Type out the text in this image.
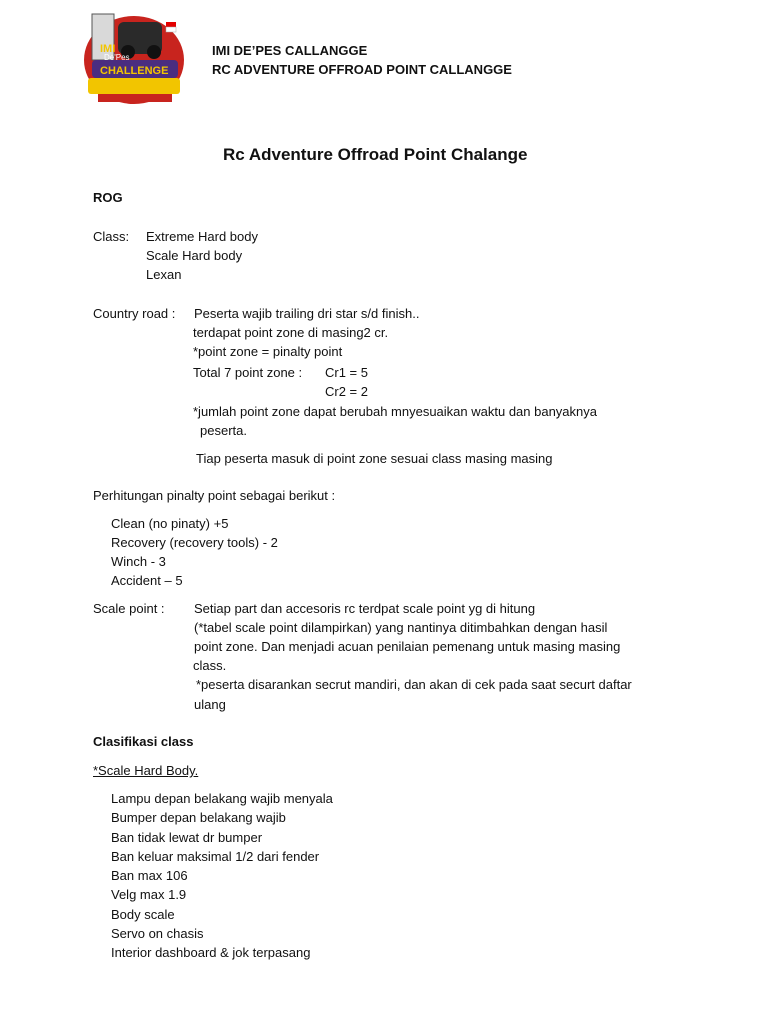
IMI
De'Pes
CHALLENGE
IMI DE’PES CALLANGGE
RC ADVENTURE OFFROAD POINT CALLANGGE
Rc Adventure Offroad Point Chalange
ROG
Class: Extreme Hard body
Scale Hard body
Lexan
Country road : Peserta wajib trailing dri star s/d finish..
terdapat point zone di masing2 cr.
*point zone = pinalty point
Total 7 point zone : Cr1 = 5
Cr2 = 2
*jumlah point zone dapat berubah mnyesuaikan waktu dan banyaknya
peserta.
Tiap peserta masuk di point zone sesuai class masing masing
Perhitungan pinalty point sebagai berikut :
Clean (no pinaty) +5
Recovery (recovery tools) - 2
Winch - 3
Accident – 5
Scale point : Setiap part dan accesoris rc terdpat scale point yg di hitung
(*tabel scale point dilampirkan) yang nantinya ditimbahkan dengan hasil
point zone. Dan menjadi acuan penilaian pemenang untuk masing masing
class.
*peserta disarankan secrut mandiri, dan akan di cek pada saat securt daftar
ulang
Clasifikasi class
*Scale Hard Body.
Lampu depan belakang wajib menyala
Bumper depan belakang wajib
Ban tidak lewat dr bumper
Ban keluar maksimal 1/2 dari fender
Ban max 106
Velg max 1.9
Body scale
Servo on chasis
Interior dashboard & jok terpasang
